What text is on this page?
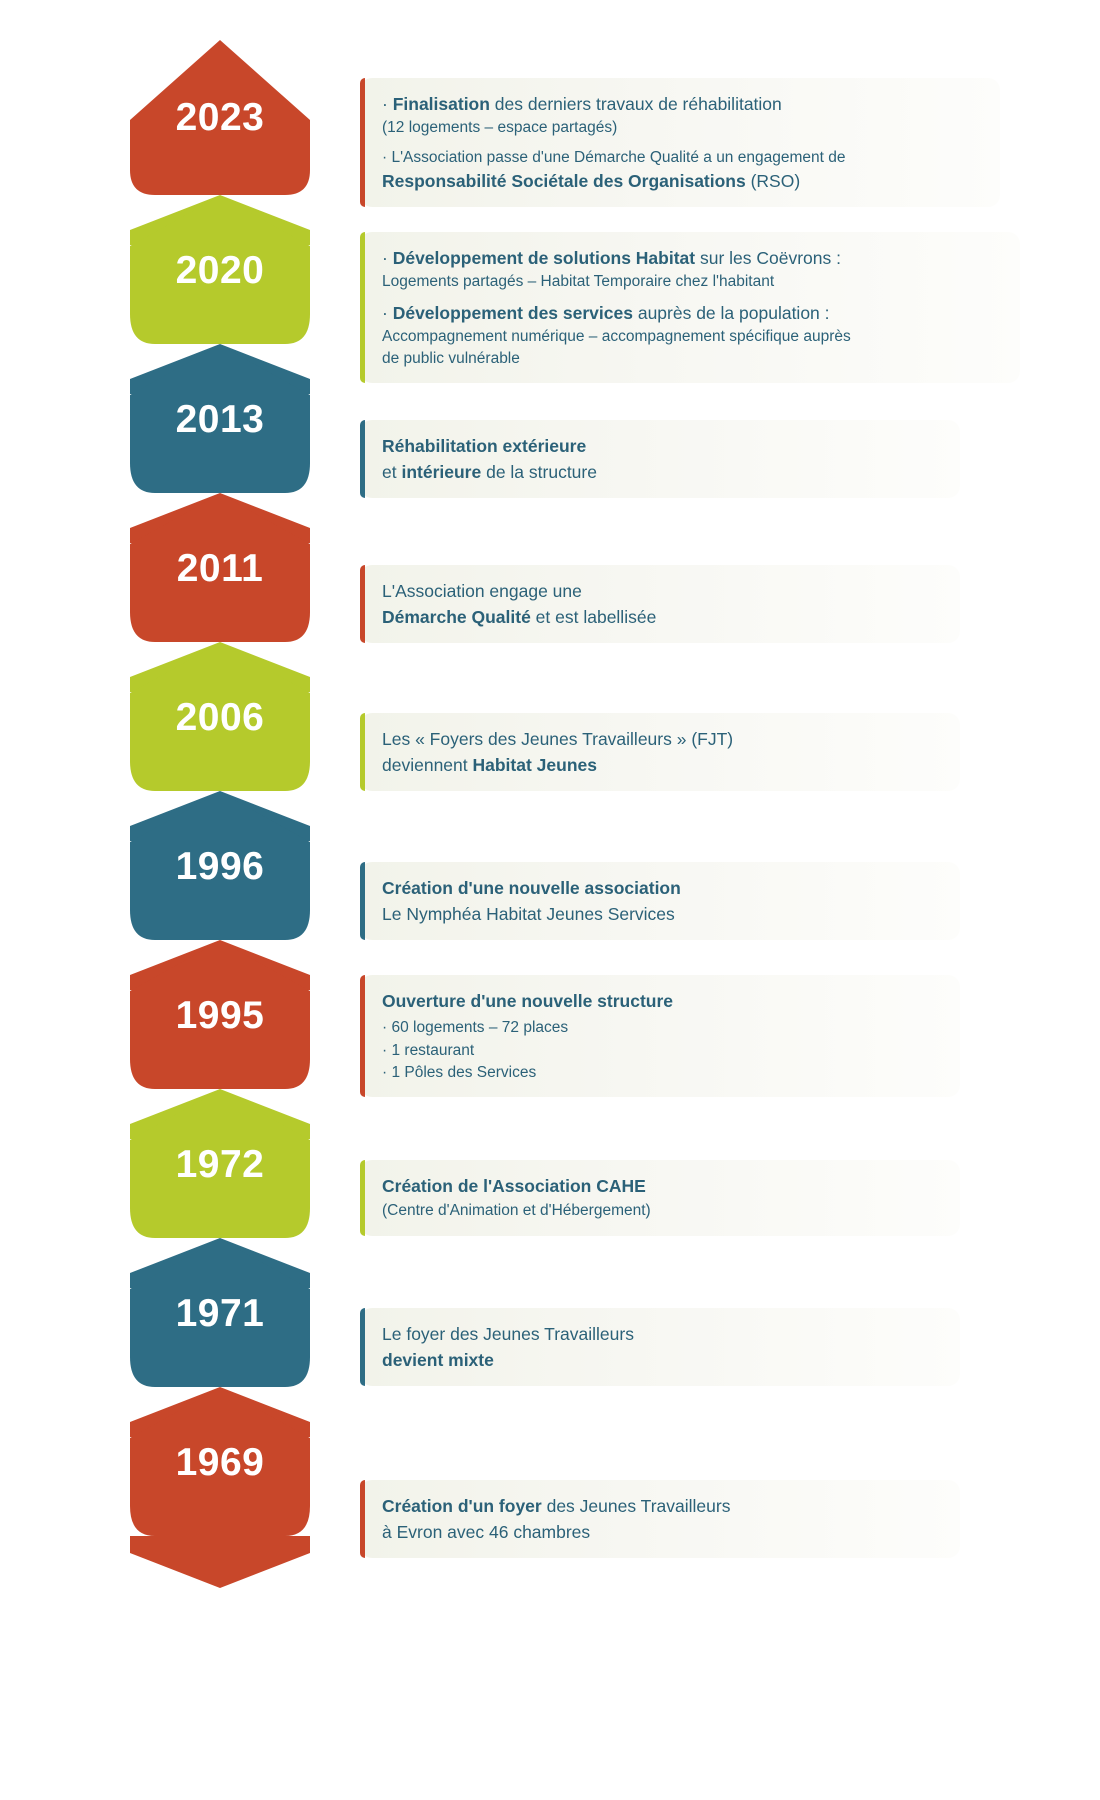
2023
2020
2013
2011
2006
1996
1995
1972
1971
1969

· Finalisation des derniers travaux de réhabilitation

(12 logements – espace partagés)

· L'Association passe d'une Démarche Qualité a un engagement de

Responsabilité Sociétale des Organisations (RSO)

· Développement de solutions Habitat sur les Coëvrons :

Logements partagés – Habitat Temporaire chez l'habitant

· Développement des services auprès de la population :

Accompagnement numérique – accompagnement spécifique auprès

de public vulnérable

Réhabilitation extérieure

et intérieure de la structure

L'Association engage une

Démarche Qualité et est labellisée

Les « Foyers des Jeunes Travailleurs » (FJT)

deviennent Habitat Jeunes

Création d'une nouvelle association

Le Nymphéa Habitat Jeunes Services

Ouverture d'une nouvelle structure

· 60 logements – 72 places

· 1 restaurant

· 1 Pôles des Services

Création de l'Association CAHE

(Centre d'Animation et d'Hébergement)

Le foyer des Jeunes Travailleurs

devient mixte

Création d'un foyer des Jeunes Travailleurs

à Evron avec 46 chambres
